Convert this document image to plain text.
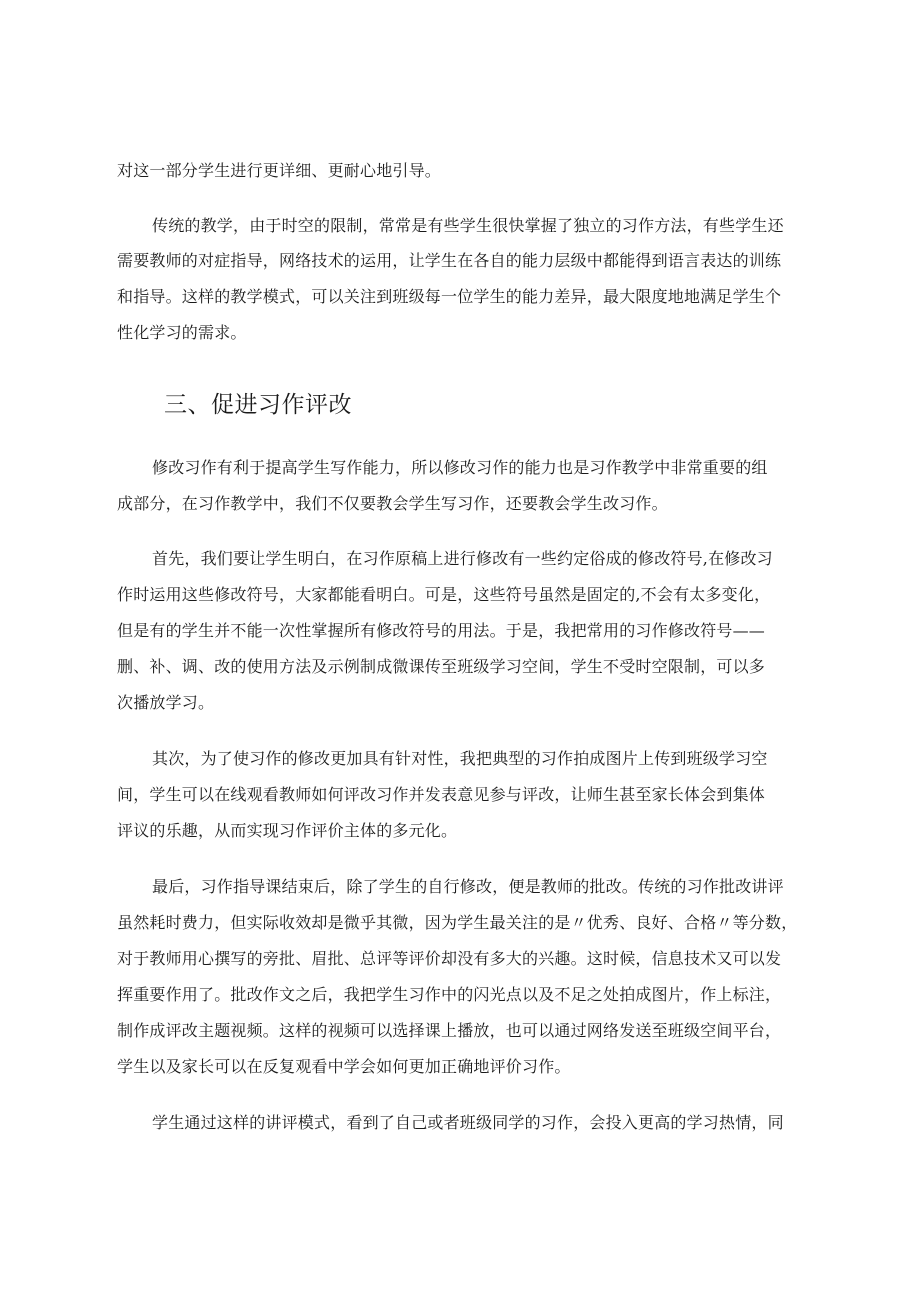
对这一部分学生进行更详细、更耐心地引导。
传统的教学，由于时空的限制，常常是有些学生很快掌握了独立的习作方法，有些学生还
需要教师的对症指导，网络技术的运用，让学生在各自的能力层级中都能得到语言表达的训练
和指导。这样的教学模式，可以关注到班级每一位学生的能力差异，最大限度地地满足学生个
性化学习的需求。
三、促进习作评改
修改习作有利于提高学生写作能力，所以修改习作的能力也是习作教学中非常重要的组
成部分，在习作教学中，我们不仅要教会学生写习作，还要教会学生改习作。
首先，我们要让学生明白，在习作原稿上进行修改有一些约定俗成的修改符号,在修改习
作时运用这些修改符号，大家都能看明白。可是，这些符号虽然是固定的,不会有太多变化，
但是有的学生并不能一次性掌握所有修改符号的用法。于是，我把常用的习作修改符号——
删、补、调、改的使用方法及示例制成微课传至班级学习空间，学生不受时空限制，可以多
次播放学习。
其次，为了使习作的修改更加具有针对性，我把典型的习作拍成图片上传到班级学习空
间，学生可以在线观看教师如何评改习作并发表意见参与评改，让师生甚至家长体会到集体
评议的乐趣，从而实现习作评价主体的多元化。
最后，习作指导课结束后，除了学生的自行修改，便是教师的批改。传统的习作批改讲评
虽然耗时费力，但实际收效却是微乎其微，因为学生最关注的是〃优秀、良好、合格〃等分数，
对于教师用心撰写的旁批、眉批、总评等评价却没有多大的兴趣。这时候，信息技术又可以发
挥重要作用了。批改作文之后，我把学生习作中的闪光点以及不足之处拍成图片，作上标注，
制作成评改主题视频。这样的视频可以选择课上播放，也可以通过网络发送至班级空间平台，
学生以及家长可以在反复观看中学会如何更加正确地评价习作。
学生通过这样的讲评模式，看到了自己或者班级同学的习作，会投入更高的学习热情，同
